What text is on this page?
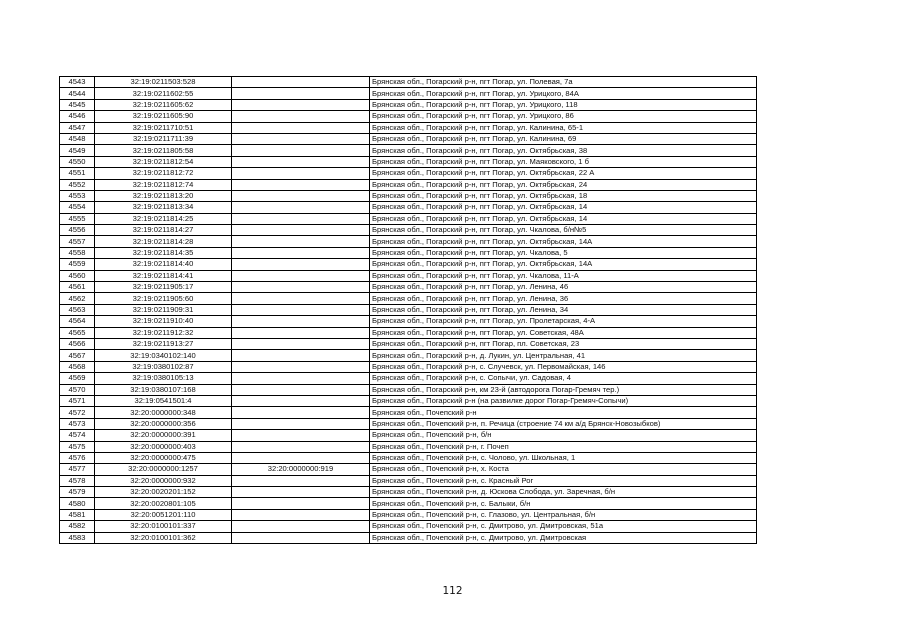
4543	32:19:0211503:528		Брянская обл., Погарский р-н, пгт Погар, ул. Полевая, 7а
4544	32:19:0211602:55		Брянская обл., Погарский р-н, пгт Погар, ул. Урицкого, 84А
4545	32:19:0211605:62		Брянская обл., Погарский р-н, пгт Погар, ул. Урицкого, 118
4546	32:19:0211605:90		Брянская обл., Погарский р-н, пгт Погар, ул. Урицкого, 86
4547	32:19:0211710:51		Брянская обл., Погарский р-н, пгт Погар, ул. Калинина, 65-1
4548	32:19:0211711:39		Брянская обл., Погарский р-н, пгт Погар, ул. Калинина, 69
4549	32:19:0211805:58		Брянская обл., Погарский р-н, пгт Погар, ул. Октябрьская, 38
4550	32:19:0211812:54		Брянская обл., Погарский р-н, пгт Погар, ул. Маяковского, 1 б
4551	32:19:0211812:72		Брянская обл., Погарский р-н, пгт Погар, ул. Октябрьская, 22 А
4552	32:19:0211812:74		Брянская обл., Погарский р-н, пгт Погар, ул. Октябрьская, 24
4553	32:19:0211813:20		Брянская обл., Погарский р-н, пгт Погар, ул. Октябрьская, 18
4554	32:19:0211813:34		Брянская обл., Погарский р-н, пгт Погар, ул. Октябрьская, 14
4555	32:19:0211814:25		Брянская обл., Погарский р-н, пгт Погар, ул. Октябрьская, 14
4556	32:19:0211814:27		Брянская обл., Погарский р-н, пгт Погар, ул. Чкалова, б/н№5
4557	32:19:0211814:28		Брянская обл., Погарский р-н, пгт Погар, ул. Октябрьская, 14А
4558	32:19:0211814:35		Брянская обл., Погарский р-н, пгт Погар, ул. Чкалова, 5
4559	32:19:0211814:40		Брянская обл., Погарский р-н, пгт Погар, ул. Октябрьская, 14А
4560	32:19:0211814:41		Брянская обл., Погарский р-н, пгт Погар, ул. Чкалова, 11-А
4561	32:19:0211905:17		Брянская обл., Погарский р-н, пгт Погар, ул. Ленина, 46
4562	32:19:0211905:60		Брянская обл., Погарский р-н, пгт Погар, ул. Ленина, 36
4563	32:19:0211909:31		Брянская обл., Погарский р-н, пгт Погар, ул. Ленина, 34
4564	32:19:0211910:40		Брянская обл., Погарский р-н, пгт Погар, ул. Пролетарская, 4-А
4565	32:19:0211912:32		Брянская обл., Погарский р-н, пгт Погар, ул. Советская, 48А
4566	32:19:0211913:27		Брянская обл., Погарский р-н, пгт Погар, пл. Советская, 23
4567	32:19:0340102:140		Брянская обл., Погарский р-н, д. Лукин, ул. Центральная, 41
4568	32:19:0380102:87		Брянская обл., Погарский р-н, с. Случевск, ул. Первомайская, 146
4569	32:19:0380105:13		Брянская обл., Погарский р-н, с. Сопычи, ул. Садовая, 4
4570	32:19:0380107:168		Брянская обл., Погарский р-н, км 23-й (автодорога Погар-Гремяч тер.)
4571	32:19:0541501:4		Брянская обл., Погарский р-н (на развилке дорог Погар-Гремяч-Сопычи)
4572	32:20:0000000:348		Брянская обл., Почепский р-н
4573	32:20:0000000:356		Брянская обл., Почепский р-н, п. Речица (строение 74 км а/д Брянск-Новозыбков)
4574	32:20:0000000:391		Брянская обл., Почепский р-н, б/н
4575	32:20:0000000:403		Брянская обл., Почепский р-н, г. Почеп
4576	32:20:0000000:475		Брянская обл., Почепский р-н, с. Чолово, ул. Школьная, 1
4577	32:20:0000000:1257	32:20:0000000:919	Брянская обл., Почепский р-н, х. Коста
4578	32:20:0000000:932		Брянская обл., Почепский р-н, с. Красный Рог
4579	32:20:0020201:152		Брянская обл., Почепский р-н, д. Юскова Слобода, ул. Заречная, б/н
4580	32:20:0020801:105		Брянская обл., Почепский р-н, с. Балыки, б/н
4581	32:20:0051201:110		Брянская обл., Почепский р-н, с. Глазово, ул. Центральная, б/н
4582	32:20:0100101:337		Брянская обл., Почепский р-н, с. Дмитрово, ул. Дмитровская, 51а
4583	32:20:0100101:362		Брянская обл., Почепский р-н, с. Дмитрово, ул. Дмитровская
112
